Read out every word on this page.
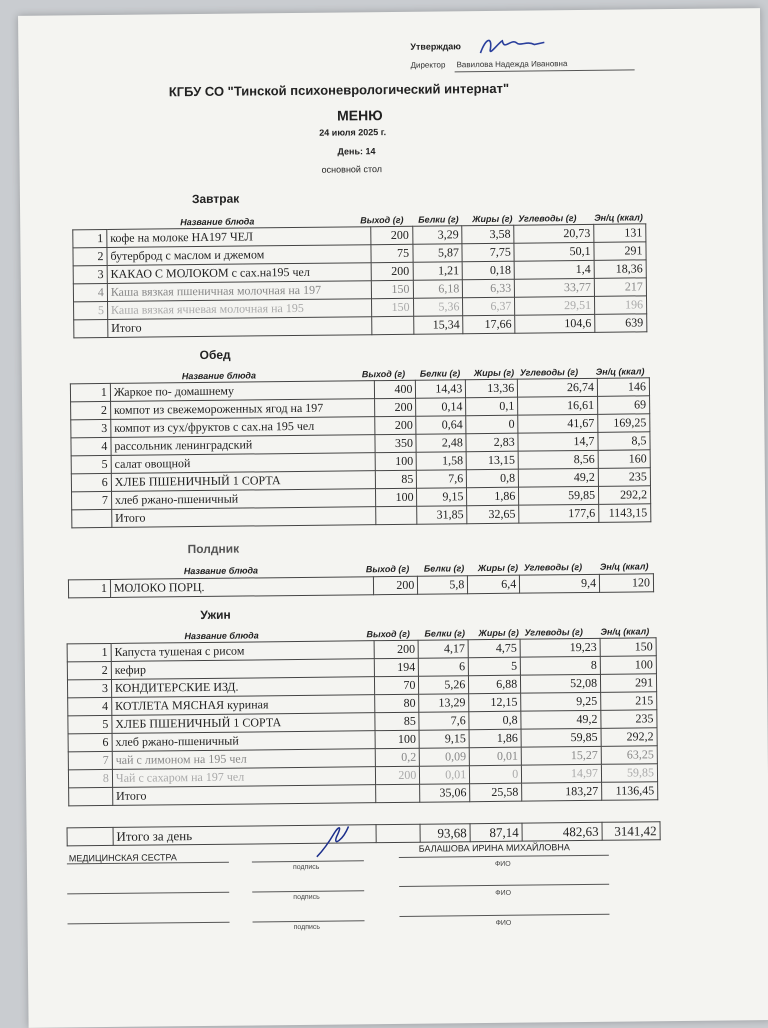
Утверждаю
Директор Вавилова Надежда Ивановна
КГБУ СО "Тинской психоневрологический интернат"
МЕНЮ
24 июля 2025 г.
День: 14
основной стол
Завтрак
Название блюда	Выход (г) Белки (г) Жиры (г) Углеводы (г) Эн/ц (ккал)
1	кофе на молоке НА197 ЧЕЛ	200	3,29	3,58	20,73	131
2	бутерброд с маслом и джемом	75	5,87	7,75	50,1	291
3	КАКАО С МОЛОКОМ с сах.на195 чел	200	1,21	0,18	1,4	18,36
4	Каша вязкая пшеничная молочная на 197	150	6,18	6,33	33,77	217
5	Каша вязкая ячневая молочная на 195	150	5,36	6,37	29,51	196
	Итого		15,34	17,66	104,6	639
Обед
Название блюда	Выход (г) Белки (г) Жиры (г) Углеводы (г) Эн/ц (ккал)
1	Жаркое по- домашнему	400	14,43	13,36	26,74	146
2	компот из свежемороженных ягод на 197	200	0,14	0,1	16,61	69
3	компот из сух/фруктов с сах.на 195 чел	200	0,64	0	41,67	169,25
4	рассольник ленинградский	350	2,48	2,83	14,7	8,5
5	салат овощной	100	1,58	13,15	8,56	160
6	ХЛЕБ ПШЕНИЧНЫЙ 1 СОРТА	85	7,6	0,8	49,2	235
7	хлеб ржано-пшеничный	100	9,15	1,86	59,85	292,2
	Итого		31,85	32,65	177,6	1143,15
Полдник
Название блюда	Выход (г) Белки (г) Жиры (г) Углеводы (г) Эн/ц (ккал)
1	МОЛОКО ПОРЦ.	200	5,8	6,4	9,4	120
Ужин
Название блюда	Выход (г) Белки (г) Жиры (г) Углеводы (г) Эн/ц (ккал)
1	Капуста тушеная с рисом	200	4,17	4,75	19,23	150
2	кефир	194	6	5	8	100
3	КОНДИТЕРСКИЕ ИЗД.	70	5,26	6,88	52,08	291
4	КОТЛЕТА МЯСНАЯ куриная	80	13,29	12,15	9,25	215
5	ХЛЕБ ПШЕНИЧНЫЙ 1 СОРТА	85	7,6	0,8	49,2	235
6	хлеб ржано-пшеничный	100	9,15	1,86	59,85	292,2
7	чай с лимоном на 195 чел	0,2	0,09	0,01	15,27	63,25
8	Чай с сахаром на 197 чел	200	0,01	0	14,97	59,85
	Итого		35,06	25,58	183,27	1136,45
	Итого за день		93,68	87,14	482,63	3141,42
МЕДИЦИНСКАЯ СЕСТРА
БАЛАШОВА ИРИНА МИХАЙЛОВНА
подпись	ФИО
подпись
ФИО
подпись
ФИО
